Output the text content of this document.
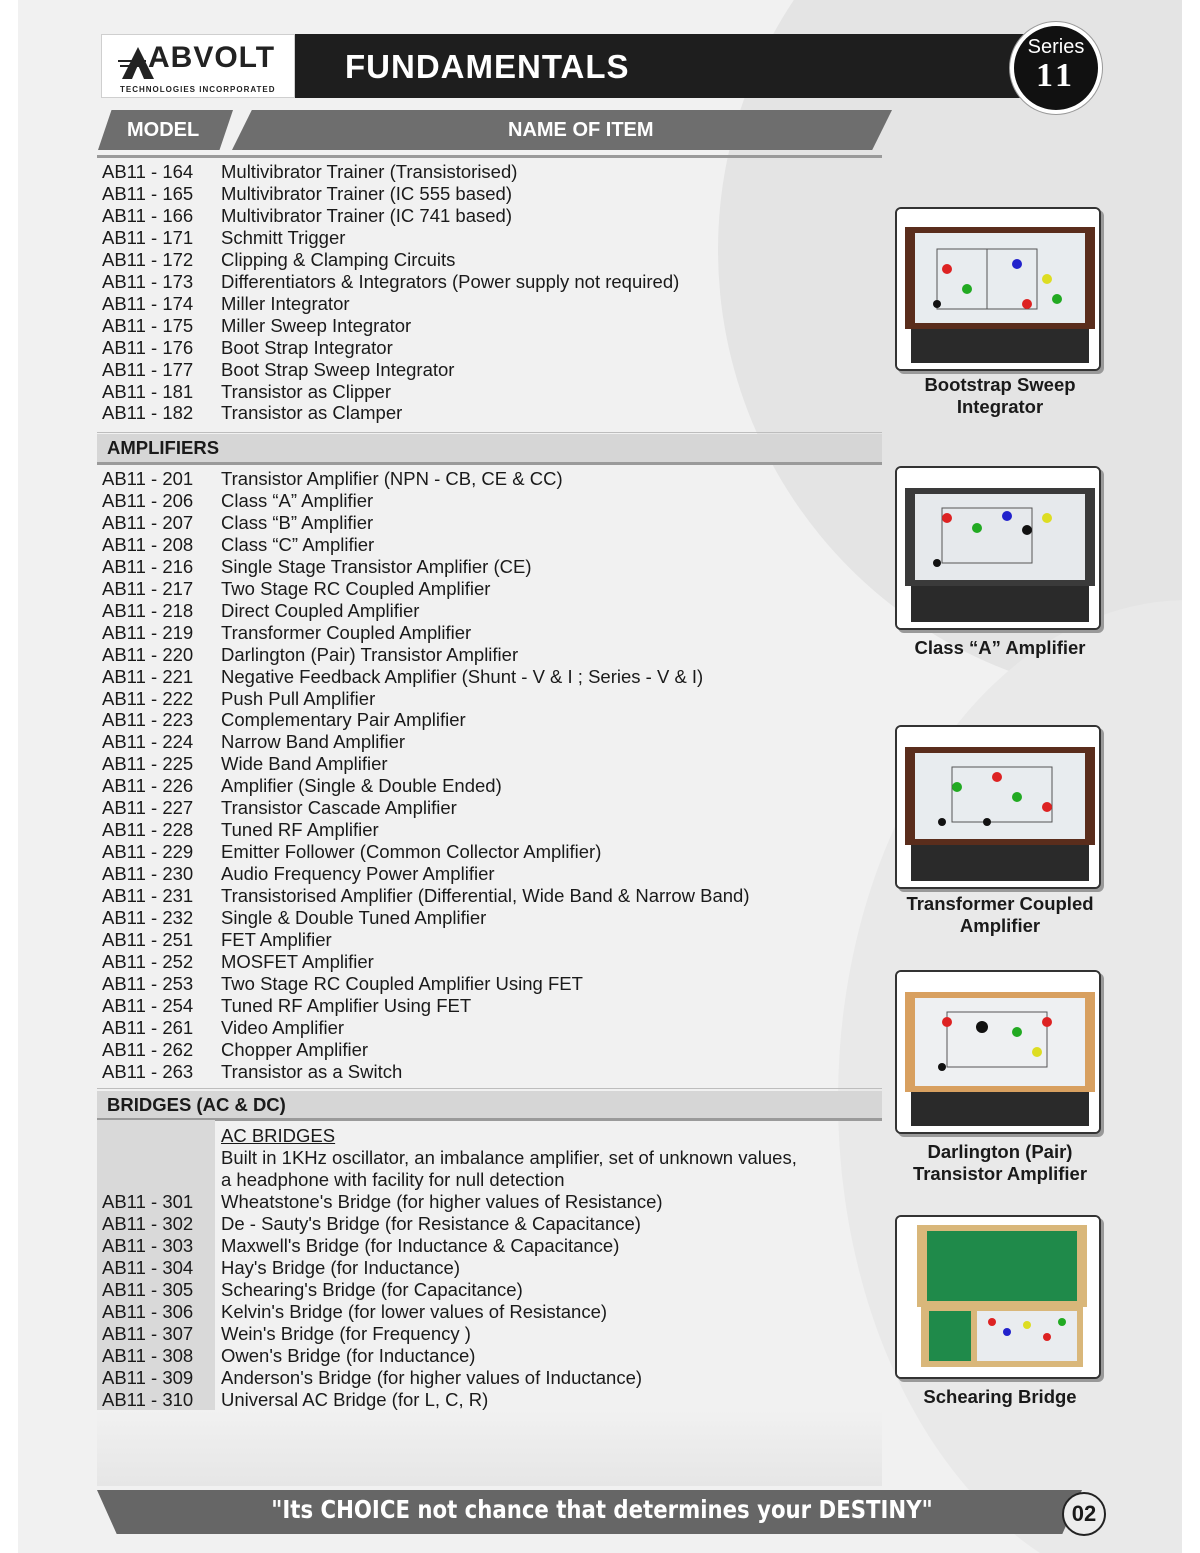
ABVOLT
TECHNOLOGIES INCORPORATED
FUNDAMENTALS
Series
11
MODEL	NAME OF ITEM
AB11 - 164 Multivibrator Trainer (Transistorised)
AB11 - 165 Multivibrator Trainer (IC 555 based)
AB11 - 166 Multivibrator Trainer (IC 741 based)
AB11 - 171 Schmitt Trigger
AB11 - 172 Clipping & Clamping Circuits
AB11 - 173 Differentiators & Integrators (Power supply not required)
AB11 - 174 Miller Integrator
AB11 - 175 Miller Sweep Integrator
AB11 - 176 Boot Strap Integrator
AB11 - 177 Boot Strap Sweep Integrator
AB11 - 181 Transistor as Clipper
AB11 - 182 Transistor as Clamper
AMPLIFIERS
AB11 - 201 Transistor Amplifier (NPN - CB, CE & CC)
AB11 - 206 Class “A” Amplifier
AB11 - 207 Class “B” Amplifier
AB11 - 208 Class “C” Amplifier
AB11 - 216 Single Stage Transistor Amplifier (CE)
AB11 - 217 Two Stage RC Coupled Amplifier
AB11 - 218 Direct Coupled Amplifier
AB11 - 219 Transformer Coupled Amplifier
AB11 - 220 Darlington (Pair) Transistor Amplifier
AB11 - 221 Negative Feedback Amplifier (Shunt - V & I ; Series - V & I)
AB11 - 222 Push Pull Amplifier
AB11 - 223 Complementary Pair Amplifier
AB11 - 224 Narrow Band Amplifier
AB11 - 225 Wide Band Amplifier
AB11 - 226 Amplifier (Single & Double Ended)
AB11 - 227 Transistor Cascade Amplifier
AB11 - 228 Tuned RF Amplifier
AB11 - 229 Emitter Follower (Common Collector Amplifier)
AB11 - 230 Audio Frequency Power Amplifier
AB11 - 231 Transistorised Amplifier (Differential, Wide Band & Narrow Band)
AB11 - 232 Single & Double Tuned Amplifier
AB11 - 251 FET Amplifier
AB11 - 252 MOSFET Amplifier
AB11 - 253 Two Stage RC Coupled Amplifier Using FET
AB11 - 254 Tuned RF Amplifier Using FET
AB11 - 261 Video Amplifier
AB11 - 262 Chopper Amplifier
AB11 - 263 Transistor as a Switch
BRIDGES (AC & DC)
AC BRIDGES
Built in 1KHz oscillator, an imbalance amplifier, set of unknown values,
a headphone with facility for null detection
AB11 - 301 Wheatstone's Bridge (for higher values of Resistance)
AB11 - 302 De - Sauty's Bridge (for Resistance & Capacitance)
AB11 - 303 Maxwell's Bridge (for Inductance & Capacitance)
AB11 - 304 Hay's Bridge (for Inductance)
AB11 - 305 Schearing's Bridge (for Capacitance)
AB11 - 306 Kelvin's Bridge (for lower values of Resistance)
AB11 - 307 Wein's Bridge (for Frequency )
AB11 - 308 Owen's Bridge (for Inductance)
AB11 - 309 Anderson's Bridge (for higher values of Inductance)
AB11 - 310 Universal AC Bridge (for L, C, R)
Bootstrap Sweep
Integrator
Class “A” Amplifier
Transformer Coupled
Amplifier
Darlington (Pair)
Transistor Amplifier
Schearing Bridge
"Its CHOICE not chance that determines your DESTINY"	02
